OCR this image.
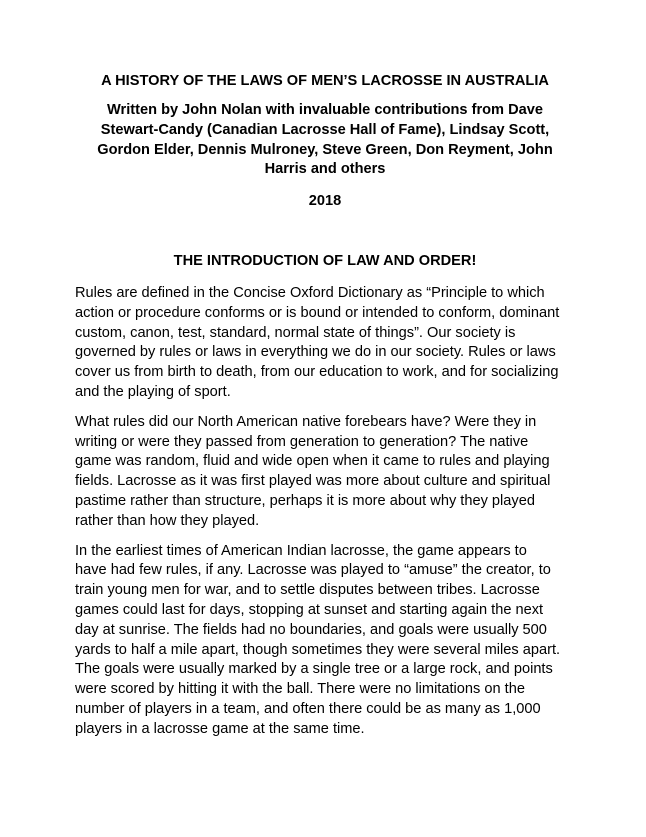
A HISTORY OF THE LAWS OF MEN’S LACROSSE IN AUSTRALIA

Written by John Nolan with invaluable contributions from Dave
Stewart-Candy (Canadian Lacrosse Hall of Fame), Lindsay Scott,
Gordon Elder, Dennis Mulroney, Steve Green, Don Reyment, John
Harris and others

2018

THE INTRODUCTION OF LAW AND ORDER!

Rules are defined in the Concise Oxford Dictionary as “Principle to which
action or procedure conforms or is bound or intended to conform, dominant
custom, canon, test, standard, normal state of things”. Our society is
governed by rules or laws in everything we do in our society. Rules or laws
cover us from birth to death, from our education to work, and for socializing
and the playing of sport.

What rules did our North American native forebears have? Were they in
writing or were they passed from generation to generation? The native
game was random, fluid and wide open when it came to rules and playing
fields. Lacrosse as it was first played was more about culture and spiritual
pastime rather than structure, perhaps it is more about why they played
rather than how they played.

In the earliest times of American Indian lacrosse, the game appears to
have had few rules, if any. Lacrosse was played to “amuse” the creator, to
train young men for war, and to settle disputes between tribes. Lacrosse
games could last for days, stopping at sunset and starting again the next
day at sunrise. The fields had no boundaries, and goals were usually 500
yards to half a mile apart, though sometimes they were several miles apart.
The goals were usually marked by a single tree or a large rock, and points
were scored by hitting it with the ball. There were no limitations on the
number of players in a team, and often there could be as many as 1,000
players in a lacrosse game at the same time.
